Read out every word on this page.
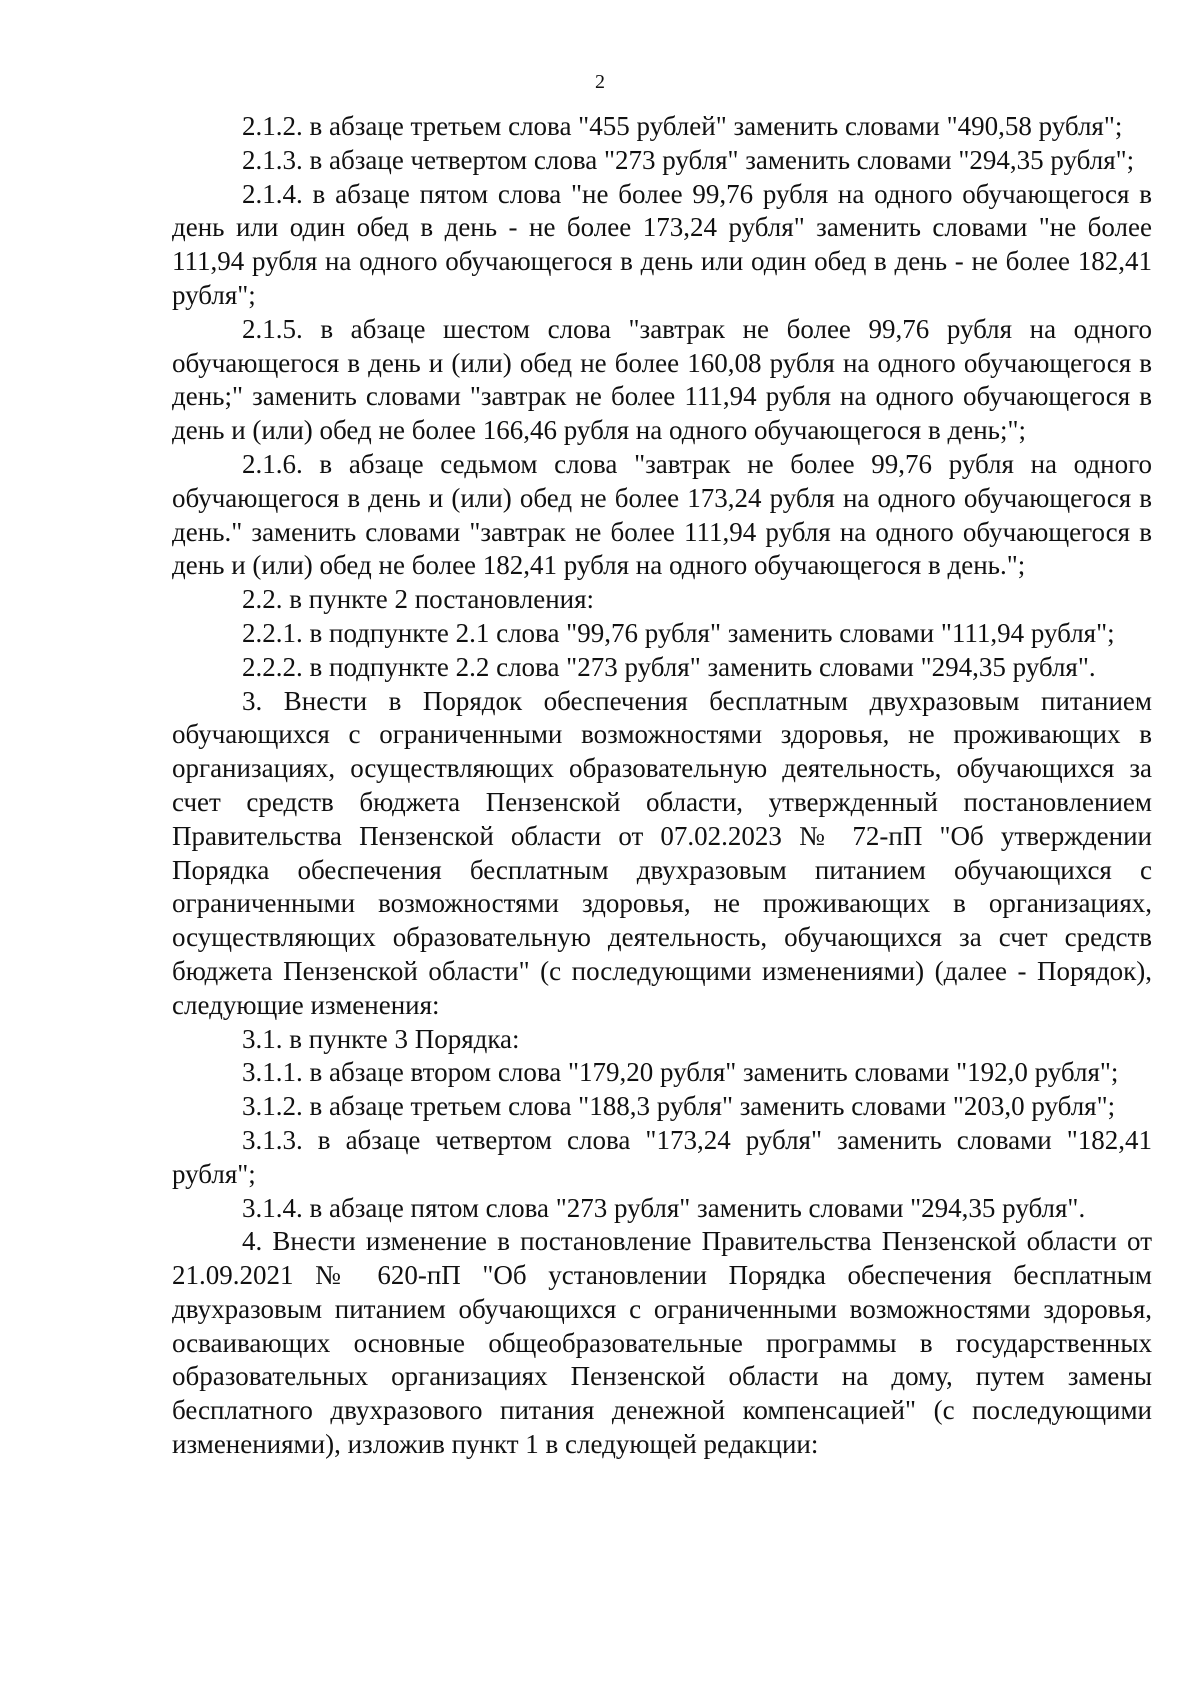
2

2.1.2. в абзаце третьем слова "455 рублей" заменить словами "490,58 рубля";

2.1.3. в абзаце четвертом слова "273 рубля" заменить словами "294,35 рубля";

2.1.4. в абзаце пятом слова "не более 99,76 рубля на одного обучающегося в день или один обед в день - не более 173,24 рубля" заменить словами "не более 111,94 рубля на одного обучающегося в день или один обед в день - не более 182,41 рубля";

2.1.5. в абзаце шестом слова "завтрак не более 99,76 рубля на одного обучающегося в день и (или) обед не более 160,08 рубля на одного обучающегося в день;" заменить словами "завтрак не более 111,94 рубля на одного обучающегося в день и (или) обед не более 166,46 рубля на одного обучающегося в день;";

2.1.6. в абзаце седьмом слова "завтрак не более 99,76 рубля на одного обучающегося в день и (или) обед не более 173,24 рубля на одного обучающегося в день." заменить словами "завтрак не более 111,94 рубля на одного обучающегося в день и (или) обед не более 182,41 рубля на одного обучающегося в день.";

2.2. в пункте 2 постановления:

2.2.1. в подпункте 2.1 слова "99,76 рубля" заменить словами "111,94 рубля";

2.2.2. в подпункте 2.2 слова "273 рубля" заменить словами "294,35 рубля".

3. Внести в Порядок обеспечения бесплатным двухразовым питанием обучающихся с ограниченными возможностями здоровья, не проживающих в организациях, осуществляющих образовательную деятельность, обучающихся за счет средств бюджета Пензенской области, утвержденный постановлением Правительства Пензенской области от 07.02.2023 № 72-пП "Об утверждении Порядка обеспечения бесплатным двухразовым питанием обучающихся с ограниченными возможностями здоровья, не проживающих в организациях, осуществляющих образовательную деятельность, обучающихся за счет средств бюджета Пензенской области" (с последующими изменениями) (далее - Порядок), следующие изменения:

3.1. в пункте 3 Порядка:

3.1.1. в абзаце втором слова "179,20 рубля" заменить словами "192,0 рубля";

3.1.2. в абзаце третьем слова "188,3 рубля" заменить словами "203,0 рубля";

3.1.3. в абзаце четвертом слова "173,24 рубля" заменить словами "182,41 рубля";

3.1.4. в абзаце пятом слова "273 рубля" заменить словами "294,35 рубля".

4. Внести изменение в постановление Правительства Пензенской области от 21.09.2021 № 620-пП "Об установлении Порядка обеспечения бесплатным двухразовым питанием обучающихся с ограниченными возможностями здоровья, осваивающих основные общеобразовательные программы в государственных образовательных организациях Пензенской области на дому, путем замены бесплатного двухразового питания денежной компенсацией" (с последующими изменениями), изложив пункт 1 в следующей редакции:
